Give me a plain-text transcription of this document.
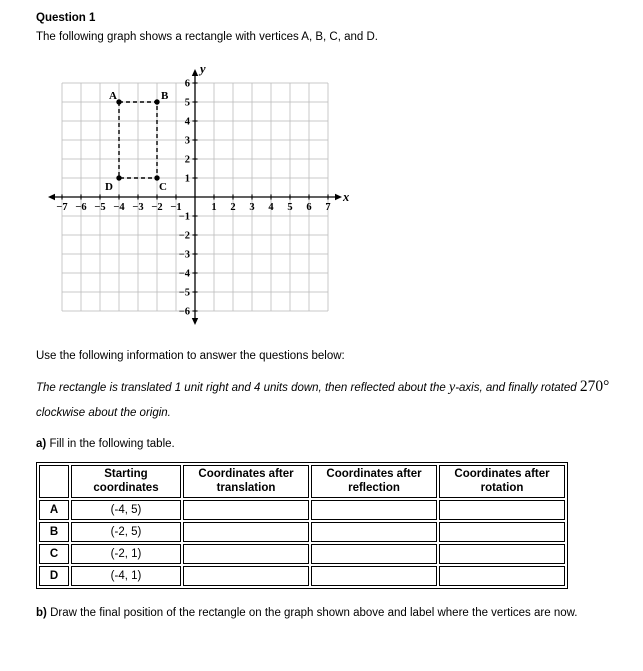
Question 1
The following graph shows a rectangle with vertices A, B, C, and D.
−7 −6 −5 −4 −3 −2 −1	1 2 3 4 5 6 7
6
5
4
3
2
1
−1
−2
−3
−4
−5
−6
x
y
A	B
C
D
Use the following information to answer the questions below:
The rectangle is translated 1 unit right and 4 units down, then reflected about the y-axis, and finally rotated 270° clockwise about the origin.
a) Fill in the following table.
	Starting coordinates	Coordinates after translation	Coordinates after reflection	Coordinates after rotation
A	(-4, 5)			
B	(-2, 5)			
C	(-2, 1)			
D	(-4, 1)			
b) Draw the final position of the rectangle on the graph shown above and label where the vertices are now.
